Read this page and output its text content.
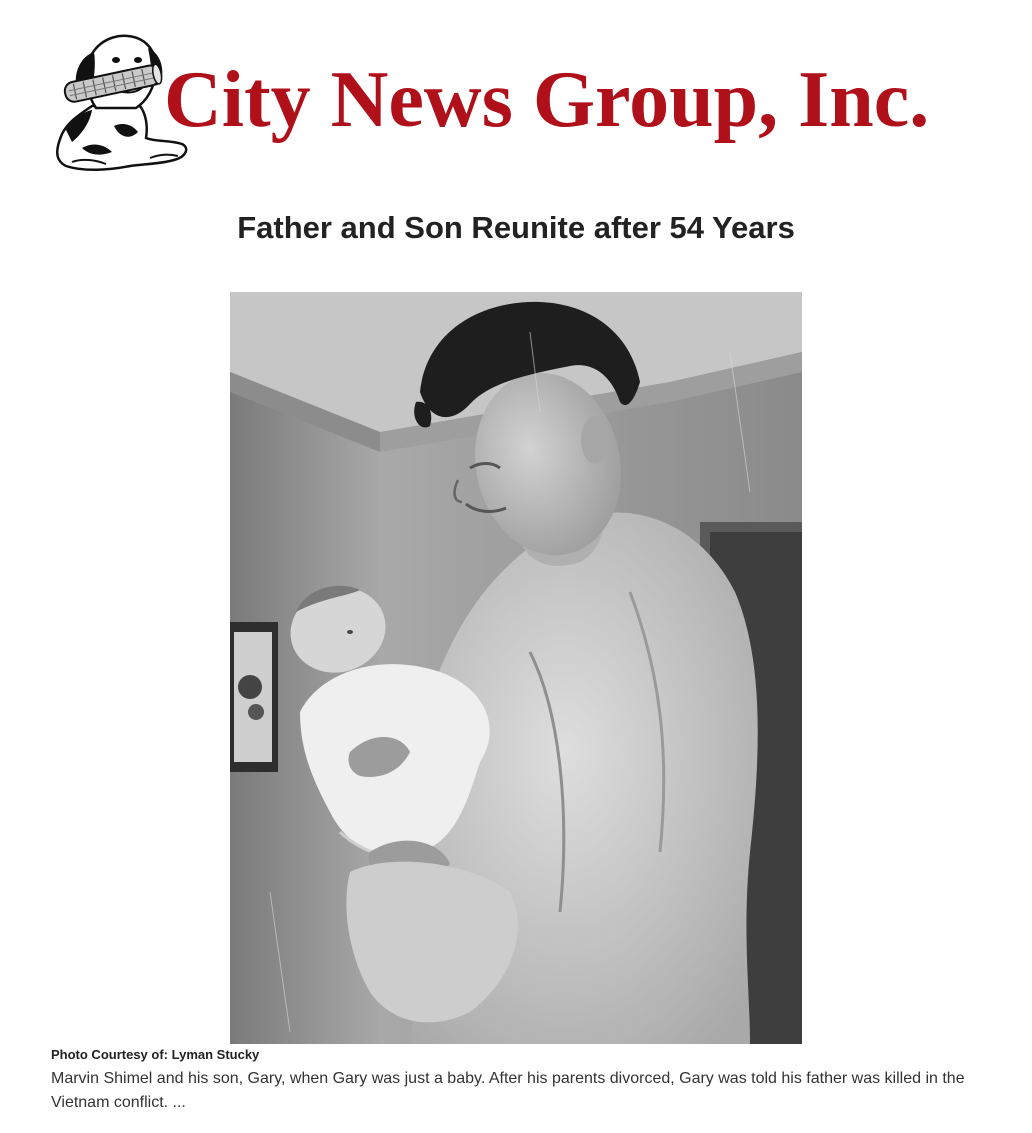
City News Group, Inc.
Father and Son Reunite after 54 Years
Photo Courtesy of: Lyman Stucky

Marvin Shimel and his son, Gary, when Gary was just a baby. After his parents divorced, Gary was told his father was killed in the Vietnam conflict. ...
